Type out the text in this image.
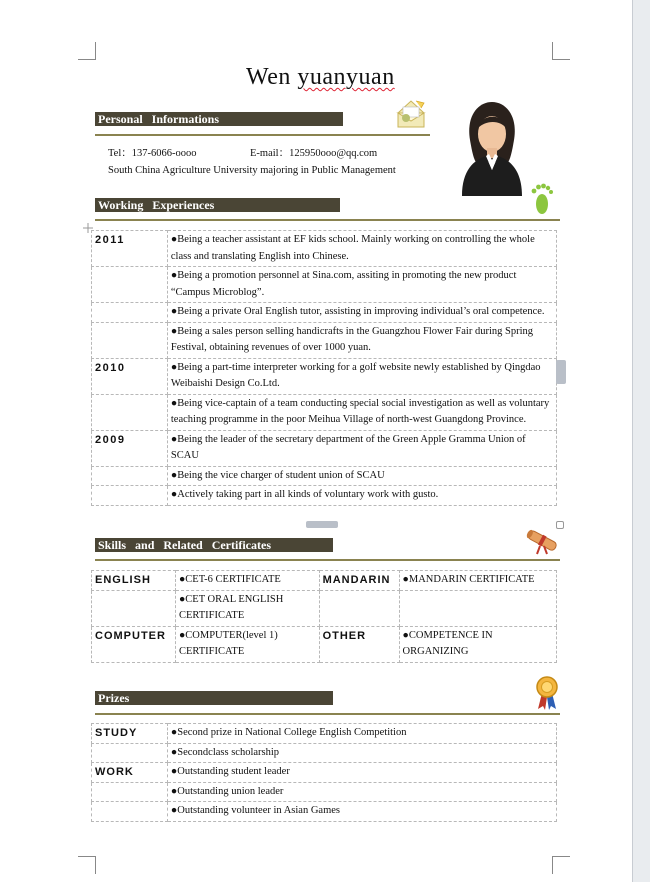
Wen yuanyuan
Personal Informations
Tel：137-6066-oooo	E-mail：125950ooo@qq.com
South China Agriculture University majoring in Public Management
Working Experiences
2011	●Being a teacher assistant at EF kids school. Mainly working on controlling the whole class and translating English into Chinese.
	●Being a promotion personnel at Sina.com, assiting in promoting the new product “Campus Microblog”.
	●Being a private Oral English tutor, assisting in improving individual’s oral competence.
	●Being a sales person selling handicrafts in the Guangzhou Flower Fair during Spring Festival, obtaining revenues of over 1000 yuan.
2010	●Being a part-time interpreter working for a golf website newly established by Qingdao Weibaishi Design Co.Ltd.
	●Being vice-captain of a team conducting special social investigation as well as voluntary teaching programme in the poor Meihua Village of north-west Guangdong Province.
2009	●Being the leader of the secretary department of the Green Apple Gramma Union of SCAU
	●Being the vice charger of student union of SCAU
	●Actively taking part in all kinds of voluntary work with gusto.
Skills and Related Certificates
ENGLISH	●CET-6 CERTIFICATE	MANDARIN	●MANDARIN CERTIFICATE
	●CET ORAL ENGLISH CERTIFICATE		
COMPUTER	●COMPUTER(level 1) CERTIFICATE	OTHER	●COMPETENCE IN ORGANIZING
Prizes
STUDY	●Second prize in National College English Competition
	●Secondclass scholarship
WORK	●Outstanding student leader
	●Outstanding union leader
	●Outstanding volunteer in Asian Games
